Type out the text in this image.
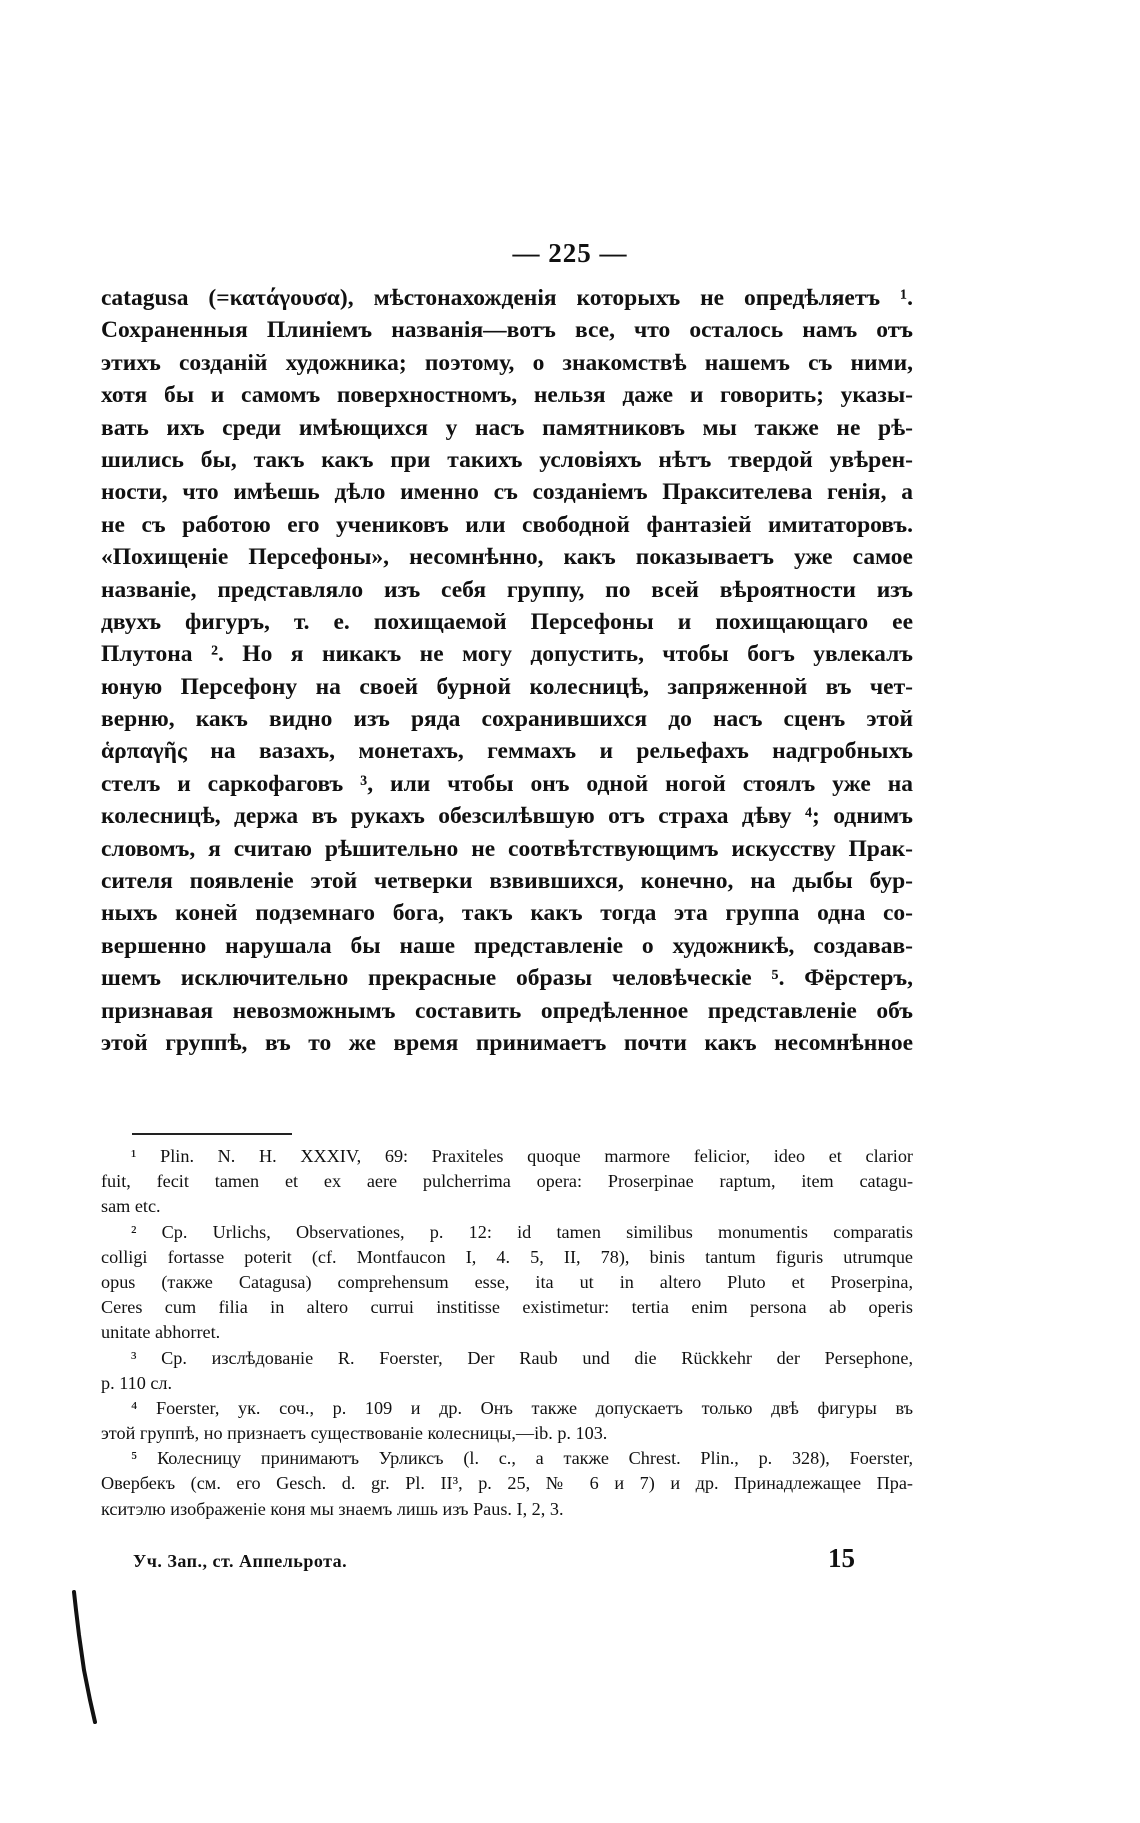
— 225 —
catagusa (=κατάγουσα), мѣстонахожденія которыхъ не опредѣляетъ ¹.
Сохраненныя Плиніемъ названія—вотъ все, что осталось намъ отъ
этихъ созданій художника; поэтому, о знакомствѣ нашемъ съ ними,
хотя бы и самомъ поверхностномъ, нельзя даже и говорить; указы-
вать ихъ среди имѣющихся у насъ памятниковъ мы также не рѣ-
шились бы, такъ какъ при такихъ условіяхъ нѣтъ твердой увѣрен-
ности, что имѣешь дѣло именно съ созданіемъ Праксителева генія, а
не съ работою его учениковъ или свободной фантазіей имитаторовъ.
«Похищеніе Персефоны», несомнѣнно, какъ показываетъ уже самое
названіе, представляло изъ себя группу, по всей вѣроятности изъ
двухъ фигуръ, т. е. похищаемой Персефоны и похищающаго ее
Плутона ². Но я никакъ не могу допустить, чтобы богъ увлекалъ
юную Персефону на своей бурной колесницѣ, запряженной въ чет-
верню, какъ видно изъ ряда сохранившихся до насъ сценъ этой
ἁρπαγῆς на вазахъ, монетахъ, геммахъ и рельефахъ надгробныхъ
стелъ и саркофаговъ ³, или чтобы онъ одной ногой стоялъ уже на
колесницѣ, держа въ рукахъ обезсилѣвшую отъ страха дѣву ⁴; однимъ
словомъ, я считаю рѣшительно не соотвѣтствующимъ искусству Прак-
сителя появленіе этой четверки взвившихся, конечно, на дыбы бур-
ныхъ коней подземнаго бога, такъ какъ тогда эта группа одна со-
вершенно нарушала бы наше представленіе о художникѣ, создавав-
шемъ исключительно прекрасные образы человѣческіе ⁵. Фёрстеръ,
признавая невозможнымъ составить опредѣленное представленіе объ
этой группѣ, въ то же время принимаетъ почти какъ несомнѣнное
¹ Plin. N. H. XXXIV, 69: Praxiteles quoque marmore felicior, ideo et clarior
fuit, fecit tamen et ex aere pulcherrima opera: Proserpinae raptum, item catagu-
sam etc.
² Cp. Urlichs, Observationes, p. 12: id tamen similibus monumentis comparatis
colligi fortasse poterit (cf. Montfaucon I, 4. 5, II, 78), binis tantum figuris utrumque
opus (также Catagusa) comprehensum esse, ita ut in altero Pluto et Proserpina,
Ceres cum filia in altero currui institisse existimetur: tertia enim persona ab operis
unitate abhorret.
³ Cp. изслѣдованіе R. Foerster, Der Raub und die Rückkehr der Persephone,
p. 110 сл.
⁴ Foerster, ук. соч., p. 109 и др. Онъ также допускаетъ только двѣ фигуры въ
этой группѣ, но признаетъ существованіе колесницы,—ib. p. 103.
⁵ Колесницу принимаютъ Урликсъ (l. c., а также Chrest. Plin., p. 328), Foerster,
Овербекъ (см. его Gesch. d. gr. Pl. II³, p. 25, № 6 и 7) и др. Принадлежащее Пра-
кситэлю изображеніе коня мы знаемъ лишь изъ Paus. I, 2, 3.
Уч. Зап., ст. Аппельрота.	15
